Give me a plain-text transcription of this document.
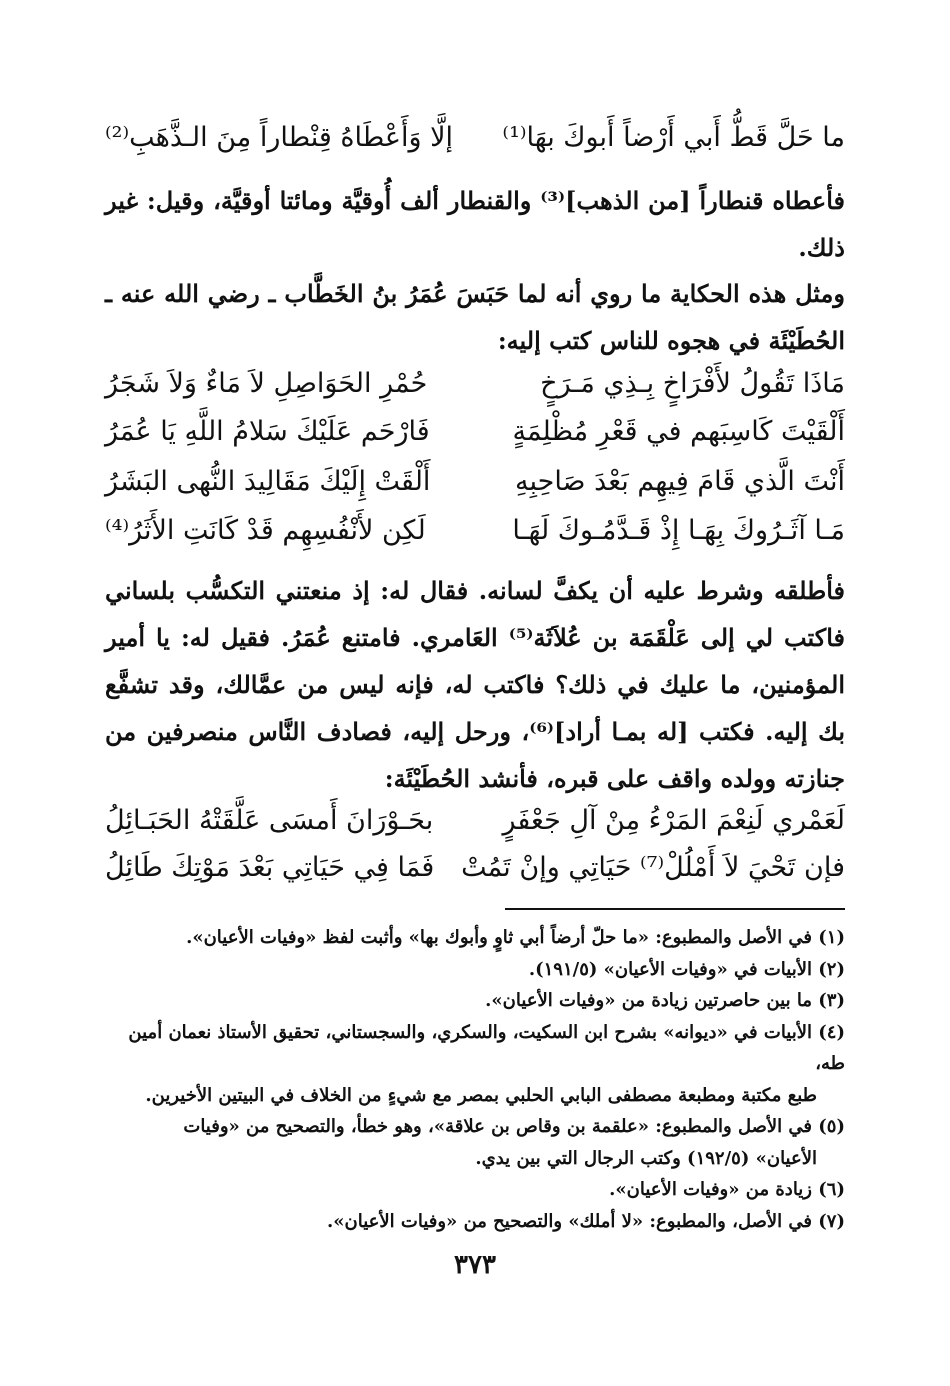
ما حَلَّ قَطُّ أَبي أَرْضاً أَبوكَ بهَا⁽¹⁾
إلَّا وَأَعْطَاهُ قِنْطاراً مِنَ الـذَّهَبِ⁽²⁾
فأعطاه قنطاراً [من الذهب]⁽³⁾ والقنطار ألف أُوقيَّة ومائتا أوقيَّة، وقيل: غير ذلك.
ومثل هذه الحكاية ما روي أنه لما حَبَسَ عُمَرُ بنُ الخَطَّاب ـ رضي الله عنه ـ الحُطَيْئَة في هجوه للناس كتب إليه:
مَاذَا تَقُولُ لأَفْرَاخٍ بِـذِي مَـرَخٍ
حُمْرِ الحَوَاصِلِ لاَ مَاءٌ وَلاَ شَجَرُ
أَلْقَيْتَ كَاسِبَهم في قَعْرِ مُظْلِمَةٍ
فَارْحَم عَلَيْكَ سَلامُ اللَّهِ يَا عُمَرُ
أَنْتَ الَّذي قَامَ فِيهِم بَعْدَ صَاحِبِهِ
أَلْقَتْ إِلَيْكَ مَقَالِيدَ النُّهى البَشَرُ
مَـا آثَـرُوكَ بِهَـا إِذْ قَـدَّمُـوكَ لَهَـا
لَكِن لأَنْفُسِهِم قَدْ كَانَتِ الأَثَرُ⁽⁴⁾
فأطلقه وشرط عليه أن يكفَّ لسانه. فقال له: إذ منعتني التكسُّب بلساني فاكتب لي إلى عَلْقَمَة بن عُلاَثَة⁽⁵⁾ العَامري. فامتنع عُمَرُ. فقيل له: يا أمير المؤمنين، ما عليك في ذلك؟ فاكتب له، فإنه ليس من عمَّالك، وقد تشفَّع بك إليه. فكتب [له بمـا أراد]⁽⁶⁾، ورحل إليه، فصادف النَّاس منصرفين من جنازته وولده واقف على قبره، فأنشد الحُطَيْئَة:
لَعَمْري لَنِعْمَ المَرْءُ مِنْ آلِ جَعْفَرٍ
بحَـوْرَانَ أَمسَى عَلَّقَتْهُ الحَبَـائِلُ
فإن تَحْيَ لاَ أَمْلُلْ⁽⁷⁾ حَيَاتِي وإنْ تَمُتْ
فَمَا فِي حَيَاتِي بَعْدَ مَوْتِكَ طَائِلُ
(١) في الأصل والمطبوع: «ما حلّ أرضاً أبي ثاوٍ وأبوك بها» وأثبت لفظ «وفيات الأعيان».
(٢) الأبيات في «وفيات الأعيان» (١٩١/٥).
(٣) ما بين حاصرتين زيادة من «وفيات الأعيان».
(٤) الأبيات في «ديوانه» بشرح ابن السكيت، والسكري، والسجستاني، تحقيق الأستاذ نعمان أمين طه،
طبع مكتبة ومطبعة مصطفى البابي الحلبي بمصر مع شيءٍ من الخلاف في البيتين الأخيرين.
(٥) في الأصل والمطبوع: «علقمة بن وقاص بن علاقة»، وهو خطأ، والتصحيح من «وفيات
الأعيان» (١٩٢/٥) وكتب الرجال التي بين يدي.
(٦) زيادة من «وفيات الأعيان».
(٧) في الأصل، والمطبوع: «لا أملك» والتصحيح من «وفيات الأعيان».
٣٧٣
